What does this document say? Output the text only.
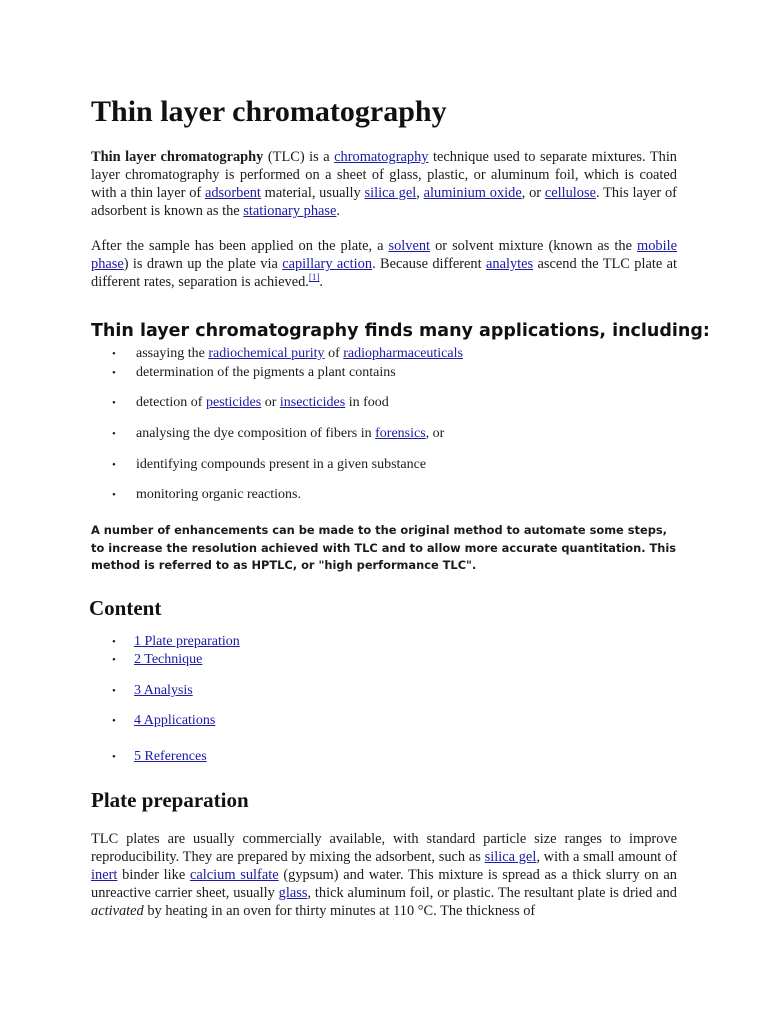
Thin layer chromatography

Thin layer chromatography (TLC) is a chromatography technique used to separate mixtures. Thin layer chromatography is performed on a sheet of glass, plastic, or aluminum foil, which is coated with a thin layer of adsorbent material, usually silica gel, aluminium oxide, or cellulose. This layer of adsorbent is known as the stationary phase.

After the sample has been applied on the plate, a solvent or solvent mixture (known as the mobile phase) is drawn up the plate via capillary action. Because different analytes ascend the TLC plate at different rates, separation is achieved.[1].

Thin layer chromatography finds many applications, including:
• assaying the radiochemical purity of radiopharmaceuticals
• determination of the pigments a plant contains
• detection of pesticides or insecticides in food
• analysing the dye composition of fibers in forensics, or
• identifying compounds present in a given substance
• monitoring organic reactions.

A number of enhancements can be made to the original method to automate some steps, to increase the resolution achieved with TLC and to allow more accurate quantitation. This method is referred to as HPTLC, or "high performance TLC".

Content
• 1 Plate preparation
• 2 Technique
• 3 Analysis
• 4 Applications
• 5 References
Plate preparation

TLC plates are usually commercially available, with standard particle size ranges to improve reproducibility. They are prepared by mixing the adsorbent, such as silica gel, with a small amount of inert binder like calcium sulfate (gypsum) and water. This mixture is spread as a thick slurry on an unreactive carrier sheet, usually glass, thick aluminum foil, or plastic. The resultant plate is dried and activated by heating in an oven for thirty minutes at 110 °C. The thickness of
